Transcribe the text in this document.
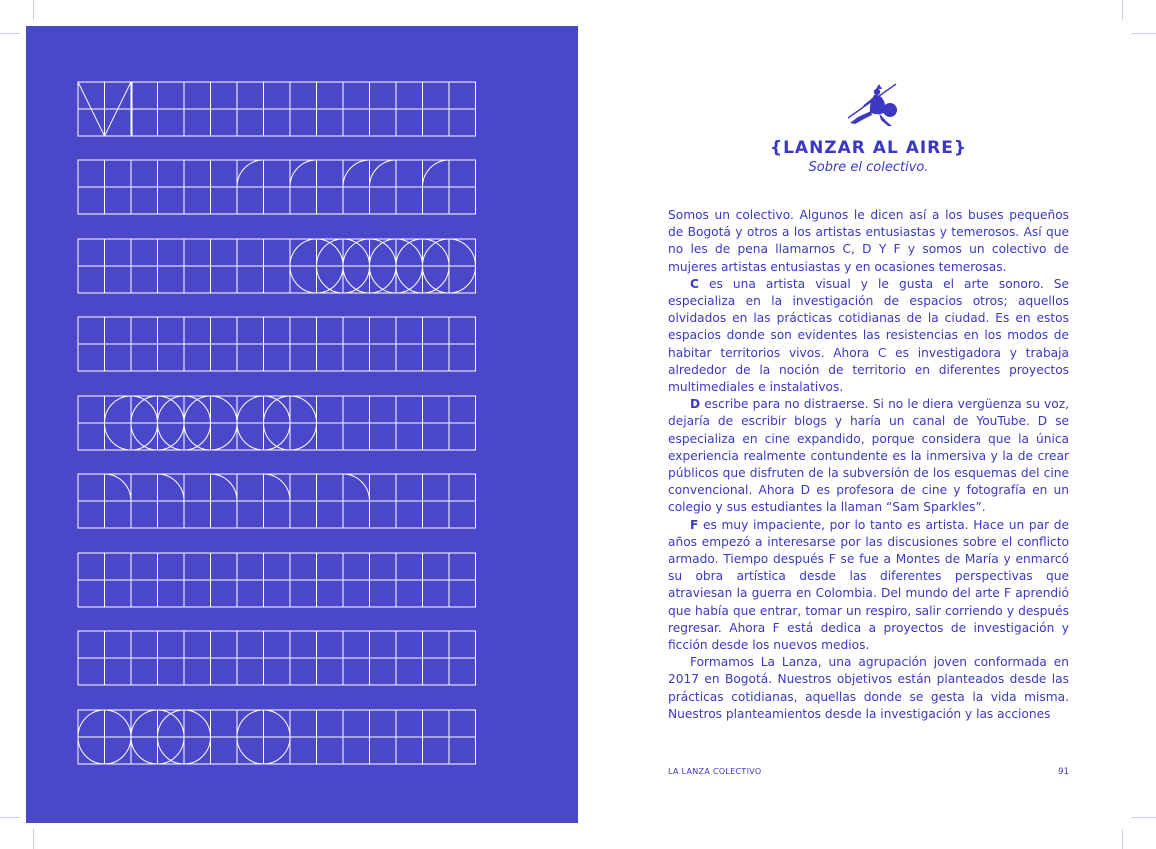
{LANZAR AL AIRE}

Sobre el colectivo.

Somos un colectivo. Algunos le dicen así a los buses pequeños de Bogotá y otros a los artistas entusiastas y temerosos. Así que no les de pena llamarnos C, D Y F y somos un colectivo de mujeres artistas entusiastas y en ocasiones temerosas.

C es una artista visual y le gusta el arte sonoro. Se especializa en la investigación de espacios otros; aquellos olvidados en las prácticas cotidianas de la ciudad. Es en estos espacios donde son evidentes las resistencias en los modos de habitar territorios vivos. Ahora C es investigadora y trabaja alrededor de la noción de territorio en diferentes proyectos multimediales e instalativos.

D escribe para no distraerse. Si no le diera vergüenza su voz, dejaría de escribir blogs y haría un canal de YouTube. D se especializa en cine expandido, porque considera que la única experiencia realmente contundente es la inmersiva y la de crear públicos que disfruten de la subversión de los esquemas del cine convencional. Ahora D es profesora de cine y fotografía en un colegio y sus estudiantes la llaman “Sam Sparkles”.

F es muy impaciente, por lo tanto es artista. Hace un par de años empezó a interesarse por las discusiones sobre el conflicto armado. Tiempo después F se fue a Montes de María y enmarcó su obra artística desde las diferentes perspectivas que atraviesan la guerra en Colombia. Del mundo del arte F aprendió que había que entrar, tomar un respiro, salir corriendo y después regresar. Ahora F está dedica a proyectos de investigación y ficción desde los nuevos medios.

Formamos La Lanza, una agrupación joven conformada en 2017 en Bogotá. Nuestros objetivos están planteados desde las prácticas cotidianas, aquellas donde se gesta la vida misma. Nuestros planteamientos desde la investigación y las acciones

LA LANZA COLECTIVO	91
